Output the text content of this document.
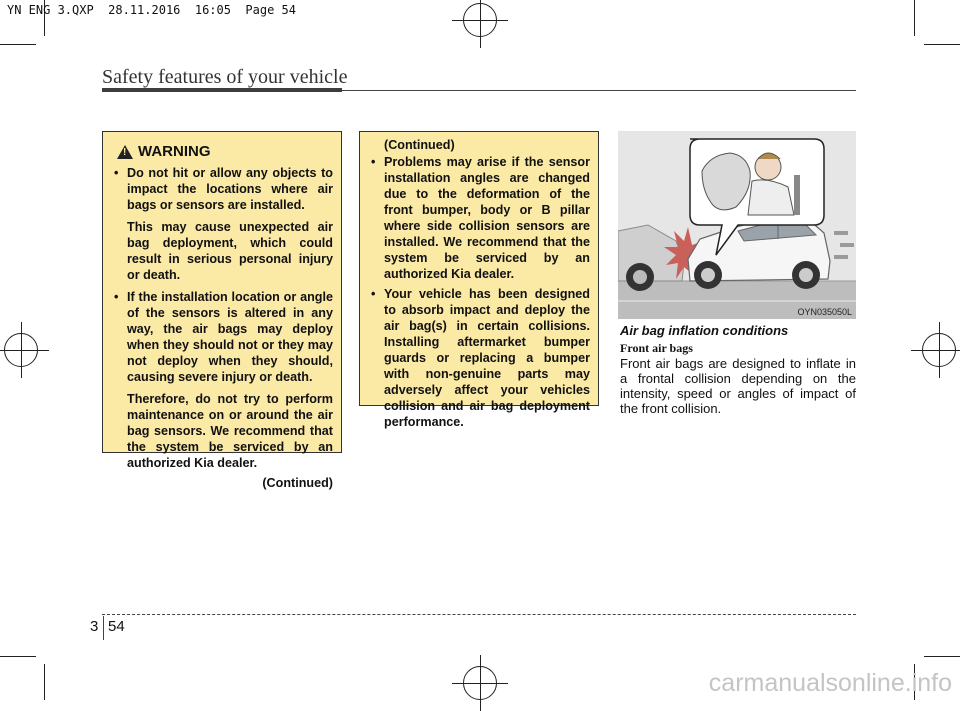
YN ENG 3.QXP  28.11.2016  16:05  Page 54
Safety features of your vehicle
! WARNING

• Do not hit or allow any objects to impact the locations where air bags or sensors are installed.

This may cause unexpected air bag deployment, which could result in serious personal injury or death.

• If the installation location or angle of the sensors is altered in any way, the air bags may deploy when they should not or they may not deploy when they should, causing severe injury or death.

Therefore, do not try to perform maintenance on or around the air bag sensors. We recommend that the system be serviced by an authorized Kia dealer.

(Continued)
(Continued)
• Problems may arise if the sensor installation angles are changed due to the deformation of the front bumper, body or B pillar where side collision sensors are installed. We recommend that the system be serviced by an authorized Kia dealer.
• Your vehicle has been designed to absorb impact and deploy the air bag(s) in certain collisions. Installing aftermarket bumper guards or replacing a bumper with non-genuine parts may adversely affect your vehicles collision and air bag deployment performance.
OYN035050L
Air bag inflation conditions
Front air bags

Front air bags are designed to inflate in a frontal collision depending on the intensity, speed or angles of impact of the front collision.

3 54
carmanualsonline.info
